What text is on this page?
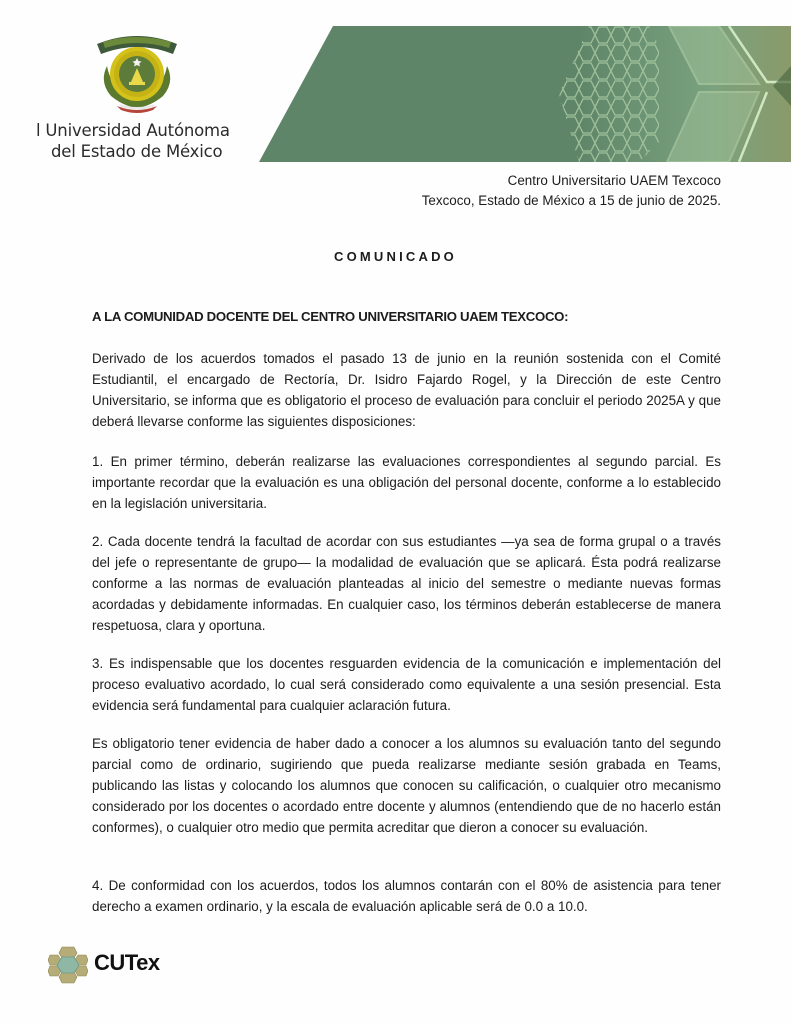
l Universidad Autónoma
del Estado de México
Centro Universitario UAEM Texcoco
Texcoco, Estado de México a 15 de junio de 2025.
COMUNICADO
A LA COMUNIDAD DOCENTE DEL CENTRO UNIVERSITARIO UAEM TEXCOCO:

Derivado de los acuerdos tomados el pasado 13 de junio en la reunión sostenida con el Comité Estudiantil, el encargado de Rectoría, Dr. Isidro Fajardo Rogel, y la Dirección de este Centro Universitario, se informa que es obligatorio el proceso de evaluación para concluir el periodo 2025A y que deberá llevarse conforme las siguientes disposiciones:

1. En primer término, deberán realizarse las evaluaciones correspondientes al segundo parcial. Es importante recordar que la evaluación es una obligación del personal docente, conforme a lo establecido en la legislación universitaria.

2. Cada docente tendrá la facultad de acordar con sus estudiantes —ya sea de forma grupal o a través del jefe o representante de grupo— la modalidad de evaluación que se aplicará. Ésta podrá realizarse conforme a las normas de evaluación planteadas al inicio del semestre o mediante nuevas formas acordadas y debidamente informadas. En cualquier caso, los términos deberán establecerse de manera respetuosa, clara y oportuna.

3. Es indispensable que los docentes resguarden evidencia de la comunicación e implementación del proceso evaluativo acordado, lo cual será considerado como equivalente a una sesión presencial. Esta evidencia será fundamental para cualquier aclaración futura.

Es obligatorio tener evidencia de haber dado a conocer a los alumnos su evaluación tanto del segundo parcial como de ordinario, sugiriendo que pueda realizarse mediante sesión grabada en Teams, publicando las listas y colocando los alumnos que conocen su calificación, o cualquier otro mecanismo considerado por los docentes o acordado entre docente y alumnos (entendiendo que de no hacerlo están conformes), o cualquier otro medio que permita acreditar que dieron a conocer su evaluación.

4. De conformidad con los acuerdos, todos los alumnos contarán con el 80% de asistencia para tener derecho a examen ordinario, y la escala de evaluación aplicable será de 0.0 a 10.0.

CUTex
